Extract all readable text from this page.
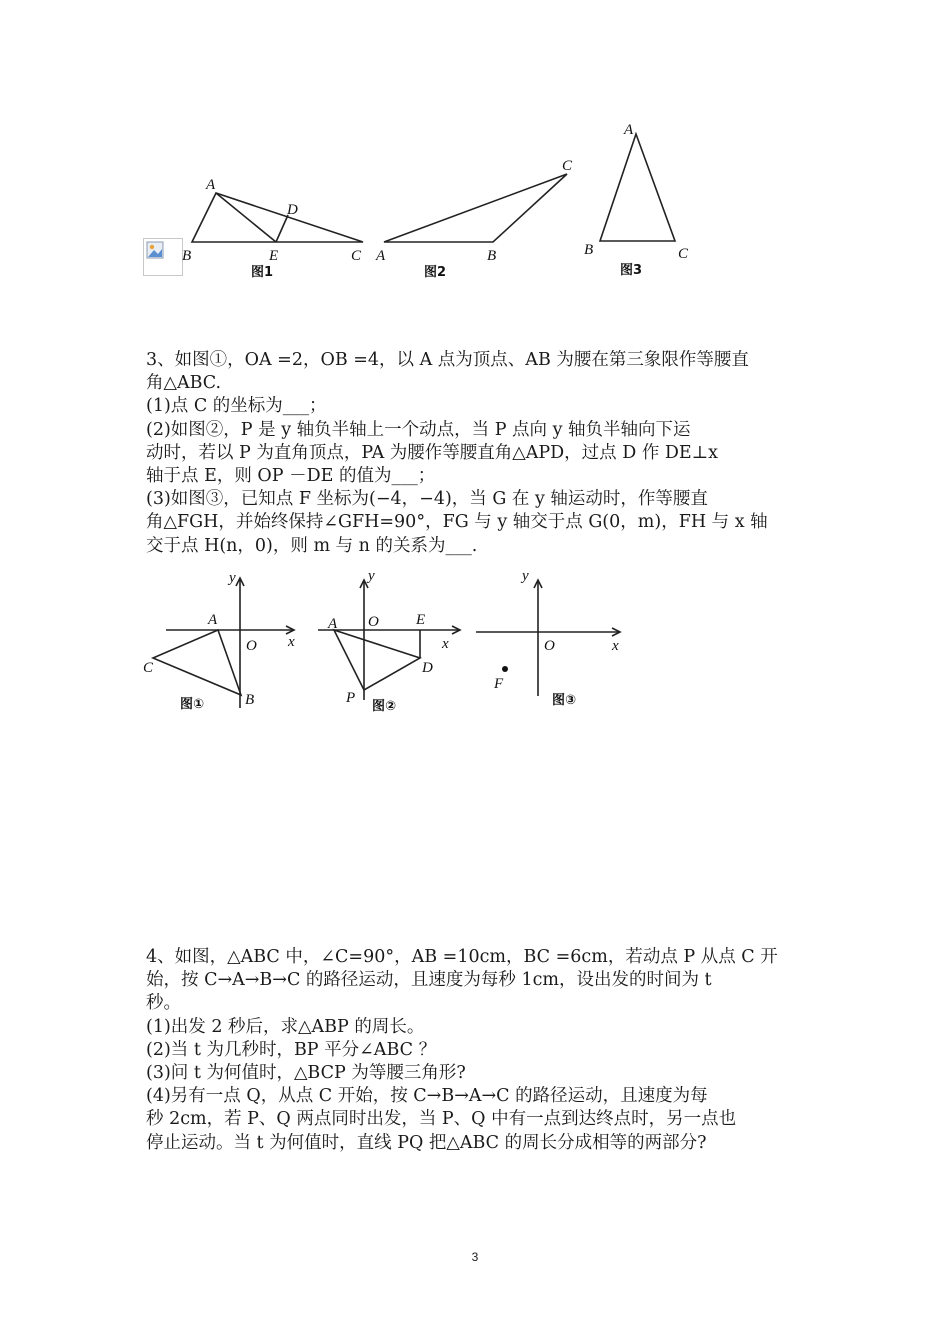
A
B	C
D
E
图1
A	B
C
图2
A
B	C
图3

3、如图①，OA =2，OB =4，以 A 点为顶点、AB 为腰在第三象限作等腰直

角△ABC.

(1)点 C 的坐标为___；

(2)如图②，P 是 y 轴负半轴上一个动点，当 P 点向 y 轴负半轴向下运

动时，若以 P 为直角顶点，PA 为腰作等腰直角△APD，过点 D 作 DE⊥x

轴于点 E，则 OP －DE 的值为___；

(3)如图③，已知点 F 坐标为(−4，−4)，当 G 在 y 轴运动时，作等腰直

角△FGH，并始终保持∠GFH=90°，FG 与 y 轴交于点 G(0，m)，FH 与 x 轴

交于点 H(n，0)，则 m 与 n 的关系为___.

y
A
O x
C
B
图①
y
A O E
x
D
P
图②
y
O	x
F
图③

4、如图，△ABC 中，∠C=90°，AB =10cm，BC =6cm，若动点 P 从点 C 开

始，按 C→A→B→C 的路径运动，且速度为每秒 1cm，设出发的时间为 t

秒。

(1)出发 2 秒后，求△ABP 的周长。

(2)当 t 为几秒时，BP 平分∠ABC ？

(3)问 t 为何值时，△BCP 为等腰三角形?

(4)另有一点 Q，从点 C 开始，按 C→B→A→C 的路径运动，且速度为每

秒 2cm，若 P、Q 两点同时出发，当 P、Q 中有一点到达终点时，另一点也

停止运动。当 t 为何值时，直线 PQ 把△ABC 的周长分成相等的两部分?

3
